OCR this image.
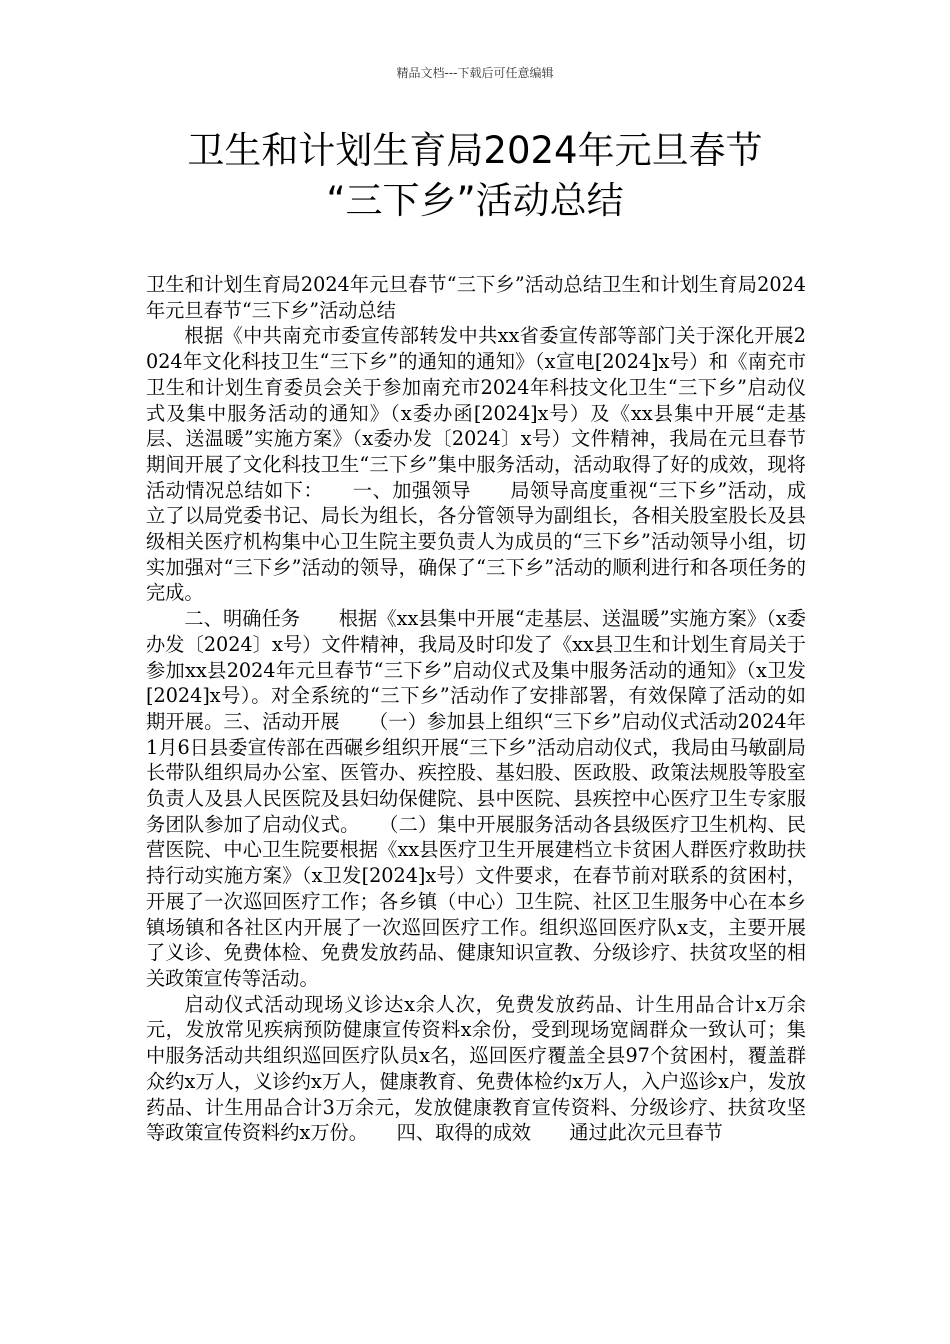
精品文档---下载后可任意编辑
卫生和计划生育局2024年元旦春节
“三下乡”活动总结

卫生和计划生育局2024年元旦春节“三下乡”活动总结卫生和计划生育局2024年元旦春节“三下乡”活动总结

根据《中共南充市委宣传部转发中共xx省委宣传部等部门关于深化开展2024年文化科技卫生“三下乡”的通知的通知》（x宣电[2024]x号）和《南充市卫生和计划生育委员会关于参加南充市2024年科技文化卫生“三下乡”启动仪式及集中服务活动的通知》（x委办函[2024]x号）及《xx县集中开展“走基层、送温暖”实施方案》（x委办发〔2024〕x号）文件精神，我局在元旦春节期间开展了文化科技卫生“三下乡”集中服务活动，活动取得了好的成效，现将活动情况总结如下：　　一、加强领导　　局领导高度重视“三下乡”活动，成立了以局党委书记、局长为组长，各分管领导为副组长，各相关股室股长及县级相关医疗机构集中心卫生院主要负责人为成员的“三下乡”活动领导小组，切实加强对“三下乡”活动的领导，确保了“三下乡”活动的顺利进行和各项任务的完成。

二、明确任务　　根据《xx县集中开展“走基层、送温暖”实施方案》（x委办发〔2024〕x号）文件精神，我局及时印发了《xx县卫生和计划生育局关于参加xx县2024年元旦春节“三下乡”启动仪式及集中服务活动的通知》（x卫发[2024]x号）。对全系统的“三下乡”活动作了安排部署，有效保障了活动的如期开展。三、活动开展　　（一）参加县上组织“三下乡”启动仪式活动2024年1月6日县委宣传部在西碾乡组织开展“三下乡”活动启动仪式，我局由马敏副局长带队组织局办公室、医管办、疾控股、基妇股、医政股、政策法规股等股室负责人及县人民医院及县妇幼保健院、县中医院、县疾控中心医疗卫生专家服务团队参加了启动仪式。　　（二）集中开展服务活动各县级医疗卫生机构、民营医院、中心卫生院要根据《xx县医疗卫生开展建档立卡贫困人群医疗救助扶持行动实施方案》（x卫发[2024]x号）文件要求，在春节前对联系的贫困村，开展了一次巡回医疗工作；各乡镇（中心）卫生院、社区卫生服务中心在本乡镇场镇和各社区内开展了一次巡回医疗工作。组织巡回医疗队x支，主要开展了义诊、免费体检、免费发放药品、健康知识宣教、分级诊疗、扶贫攻坚的相关政策宣传等活动。

启动仪式活动现场义诊达x余人次，免费发放药品、计生用品合计x万余元，发放常见疾病预防健康宣传资料x余份，受到现场宽阔群众一致认可；集中服务活动共组织巡回医疗队员x名，巡回医疗覆盖全县97个贫困村，覆盖群众约x万人，义诊约x万人，健康教育、免费体检约x万人，入户巡诊x户，发放药品、计生用品合计3万余元，发放健康教育宣传资料、分级诊疗、扶贫攻坚等政策宣传资料约x万份。　　四、取得的成效　　通过此次元旦春节
